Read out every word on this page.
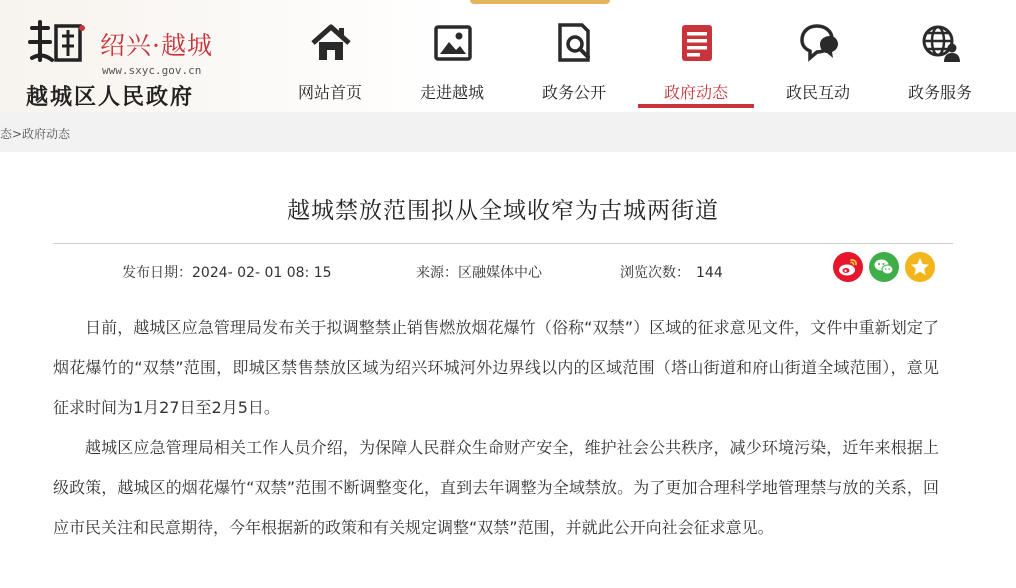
绍兴·越城
www.sxyc.gov.cn
越城区人民政府	网站首页	走进越城	政务公开	政府动态	政民互动	政务服务
态>政府动态
越城禁放范围拟从全域收窄为古城两街道
发布日期：2024- 02- 01 08: 15	来源：区融媒体中心	浏览次数： 144

日前，越城区应急管理局发布关于拟调整禁止销售燃放烟花爆竹（俗称“双禁”）区域的征求意见文件，文件中重新划定了烟花爆竹的“双禁”范围，即城区禁售禁放区域为绍兴环城河外边界线以内的区域范围（塔山街道和府山街道全域范围），意见征求时间为1月27日至2月5日。

越城区应急管理局相关工作人员介绍，为保障人民群众生命财产安全，维护社会公共秩序，减少环境污染，近年来根据上级政策，越城区的烟花爆竹“双禁”范围不断调整变化，直到去年调整为全域禁放。为了更加合理科学地管理禁与放的关系，回应市民关注和民意期待，今年根据新的政策和有关规定调整“双禁”范围，并就此公开向社会征求意见。
